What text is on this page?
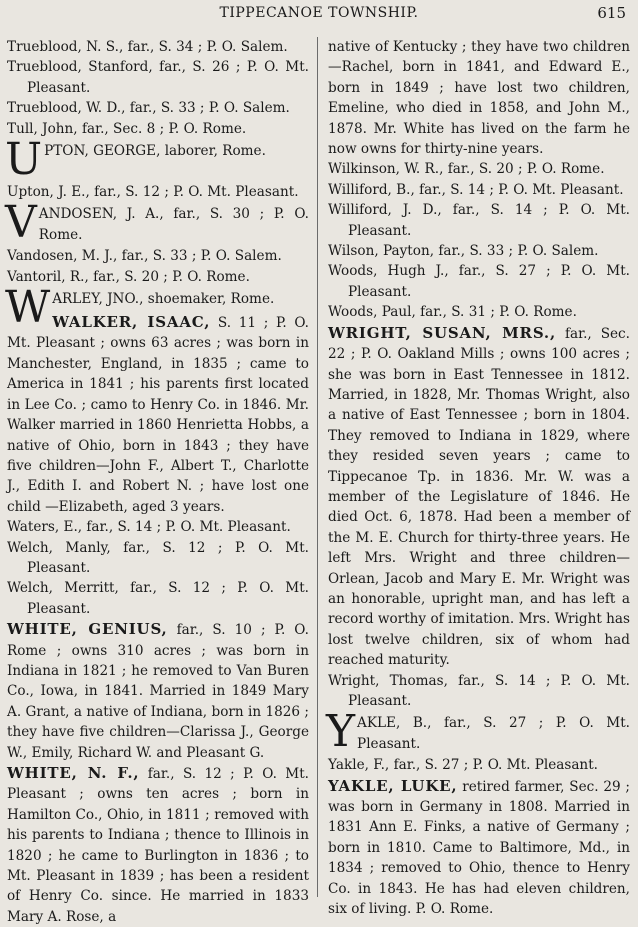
TIPPECANOE TOWNSHIP.	615

Trueblood, N. S., far., S. 34 ; P. O. Salem.

Trueblood, Stanford, far., S. 26 ; P. O. Mt. Pleasant.

Trueblood, W. D., far., S. 33 ; P. O. Salem.

Tull, John, far., Sec. 8 ; P. O. Rome.

U PTON, GEORGE, laborer, Rome.

Upton, J. E., far., S. 12 ; P. O. Mt. Pleasant.

V ANDOSEN, J. A., far., S. 30 ; P. O. Rome.

Vandosen, M. J., far., S. 33 ; P. O. Salem.

Vantoril, R., far., S. 20 ; P. O. Rome.

W ARLEY, JNO., shoemaker, Rome.

WALKER, ISAAC, S. 11 ; P. O. Mt. Pleasant ; owns 63 acres ; was born in Manchester, England, in 1835 ; came to America in 1841 ; his parents first located in Lee Co. ; camo to Henry Co. in 1846. Mr. Walker married in 1860 Henrietta Hobbs, a native of Ohio, born in 1843 ; they have five children—John F., Albert T., Charlotte J., Edith I. and Robert N. ; have lost one child —Elizabeth, aged 3 years.

Waters, E., far., S. 14 ; P. O. Mt. Pleasant.

Welch, Manly, far., S. 12 ; P. O. Mt. Pleasant.

Welch, Merritt, far., S. 12 ; P. O. Mt. Pleasant.

WHITE, GENIUS, far., S. 10 ; P. O. Rome ; owns 310 acres ; was born in Indiana in 1821 ; he removed to Van Buren Co., Iowa, in 1841. Married in 1849 Mary A. Grant, a native of Indiana, born in 1826 ; they have five children—Clarissa J., George W., Emily, Richard W. and Pleasant G.

WHITE, N. F., far., S. 12 ; P. O. Mt. Pleasant ; owns ten acres ; born in Hamilton Co., Ohio, in 1811 ; removed with his parents to Indiana ; thence to Illinois in 1820 ; he came to Burlington in 1836 ; to Mt. Pleasant in 1839 ; has been a resident of Henry Co. since. He married in 1833 Mary A. Rose, a

native of Kentucky ; they have two children—Rachel, born in 1841, and Edward E., born in 1849 ; have lost two children, Emeline, who died in 1858, and John M., 1878. Mr. White has lived on the farm he now owns for thirty-nine years.

Wilkinson, W. R., far., S. 20 ; P. O. Rome.

Williford, B., far., S. 14 ; P. O. Mt. Pleasant.

Williford, J. D., far., S. 14 ; P. O. Mt. Pleasant.

Wilson, Payton, far., S. 33 ; P. O. Salem.

Woods, Hugh J., far., S. 27 ; P. O. Mt. Pleasant.

Woods, Paul, far., S. 31 ; P. O. Rome.

WRIGHT, SUSAN, MRS., far., Sec. 22 ; P. O. Oakland Mills ; owns 100 acres ; she was born in East Tennessee in 1812. Married, in 1828, Mr. Thomas Wright, also a native of East Tennessee ; born in 1804. They removed to Indiana in 1829, where they resided seven years ; came to Tippecanoe Tp. in 1836. Mr. W. was a member of the Legislature of 1846. He died Oct. 6, 1878. Had been a member of the M. E. Church for thirty-three years. He left Mrs. Wright and three children—Orlean, Jacob and Mary E. Mr. Wright was an honorable, upright man, and has left a record worthy of imitation. Mrs. Wright has lost twelve children, six of whom had reached maturity.

Wright, Thomas, far., S. 14 ; P. O. Mt. Pleasant.

Y AKLE, B., far., S. 27 ; P. O. Mt. Pleasant.

Yakle, F., far., S. 27 ; P. O. Mt. Pleasant.

YAKLE, LUKE, retired farmer, Sec. 29 ; was born in Germany in 1808. Married in 1831 Ann E. Finks, a native of Germany ; born in 1810. Came to Baltimore, Md., in 1834 ; removed to Ohio, thence to Henry Co. in 1843. He has had eleven children, six of living. P. O. Rome.
